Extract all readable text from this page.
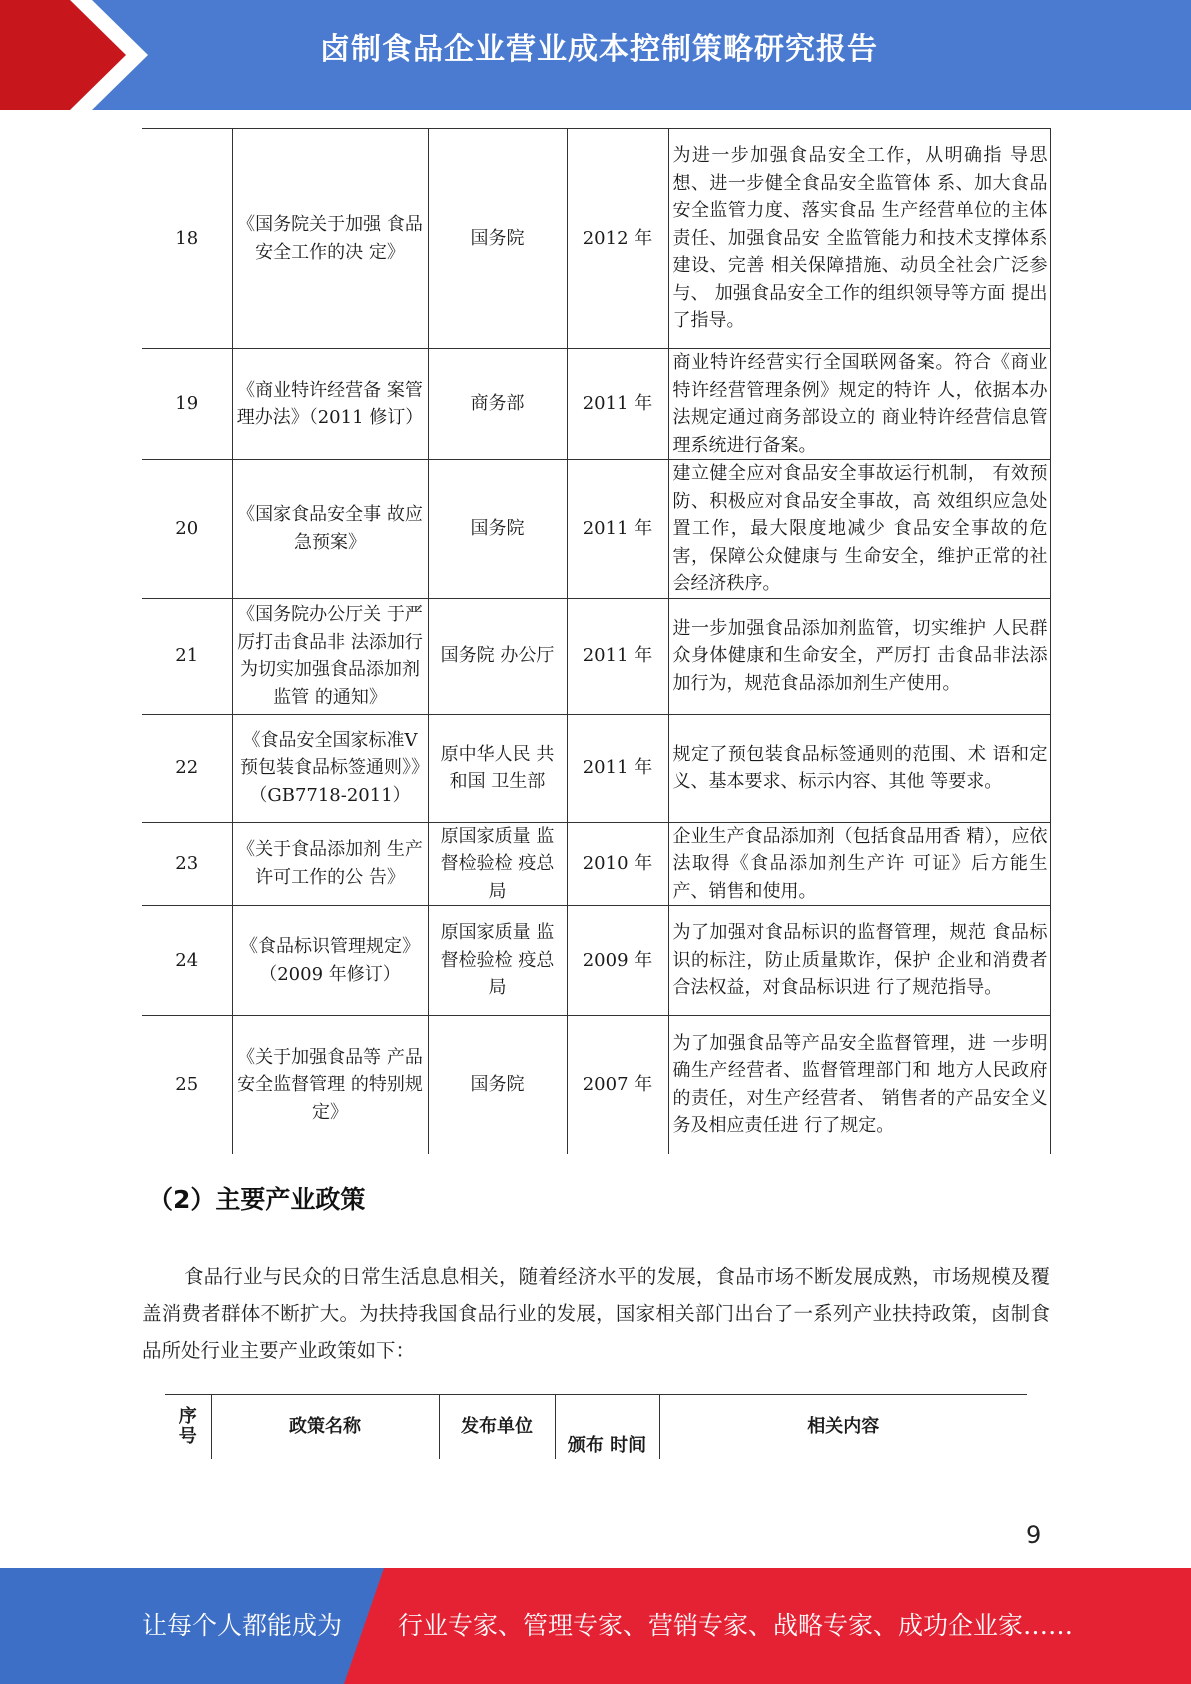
卤制食品企业营业成本控制策略研究报告
18	《国务院关于加强 食品安全工作的决 定》	国务院	2012 年	为进一步加强食品安全工作，从明确指 导思想、进一步健全食品安全监管体 系、加大食品安全监管力度、落实食品 生产经营单位的主体责任、加强食品安 全监管能力和技术支撑体系建设、完善 相关保障措施、动员全社会广泛参与、 加强食品安全工作的组织领导等方面 提出了指导。
19	《商业特许经营备 案管理办法》（2011 修订）	商务部	2011 年	商业特许经营实行全国联网备案。符合《商业特许经营管理条例》规定的特许 人，依据本办法规定通过商务部设立的 商业特许经营信息管理系统进行备案。
20	《国家食品安全事 故应急预案》	国务院	2011 年	建立健全应对食品安全事故运行机制， 有效预防、积极应对食品安全事故，高 效组织应急处置工作，最大限度地减少 食品安全事故的危害，保障公众健康与 生命安全，维护正常的社会经济秩序。
21	《国务院办公厅关 于严厉打击食品非 法添加行为切实加强食品添加剂监管 的通知》	国务院 办公厅	2011 年	进一步加强食品添加剂监管，切实维护 人民群众身体健康和生命安全，严厉打 击食品非法添加行为，规范食品添加剂生产使用。
22	《食品安全国家标准Ⅴ预包装食品标签通则》》（GB7718-2011）	原中华人民 共和国 卫生部	2011 年	规定了预包装食品标签通则的范围、术 语和定义、基本要求、标示内容、其他 等要求。
23	《关于食品添加剂 生产许可工作的公 告》	原国家质量 监督检验检 疫总局	2010 年	企业生产食品添加剂（包括食品用香 精），应依法取得《食品添加剂生产许 可证》后方能生产、销售和使用。
24	《食品标识管理规定》（2009 年修订）	原国家质量 监督检验检 疫总局	2009 年	为了加强对食品标识的监督管理，规范 食品标识的标注，防止质量欺诈，保护 企业和消费者合法权益，对食品标识进 行了规范指导。
25	《关于加强食品等 产品安全监督管理 的特别规定》	国务院	2007 年	为了加强食品等产品安全监督管理，进 一步明确生产经营者、监督管理部门和 地方人民政府的责任，对生产经营者、 销售者的产品安全义务及相应责任进 行了规定。
（2）主要产业政策
食品行业与民众的日常生活息息相关，随着经济水平的发展，食品市场不断发展成熟，市场规模及覆盖消费者群体不断扩大。为扶持我国食品行业的发展，国家相关部门出台了一系列产业扶持政策，卤制食品所处行业主要产业政策如下：
序号	政策名称	发布单位	颁布 时间	相关内容
9
让每个人都能成为 行业专家、管理专家、营销专家、战略专家、成功企业家……
